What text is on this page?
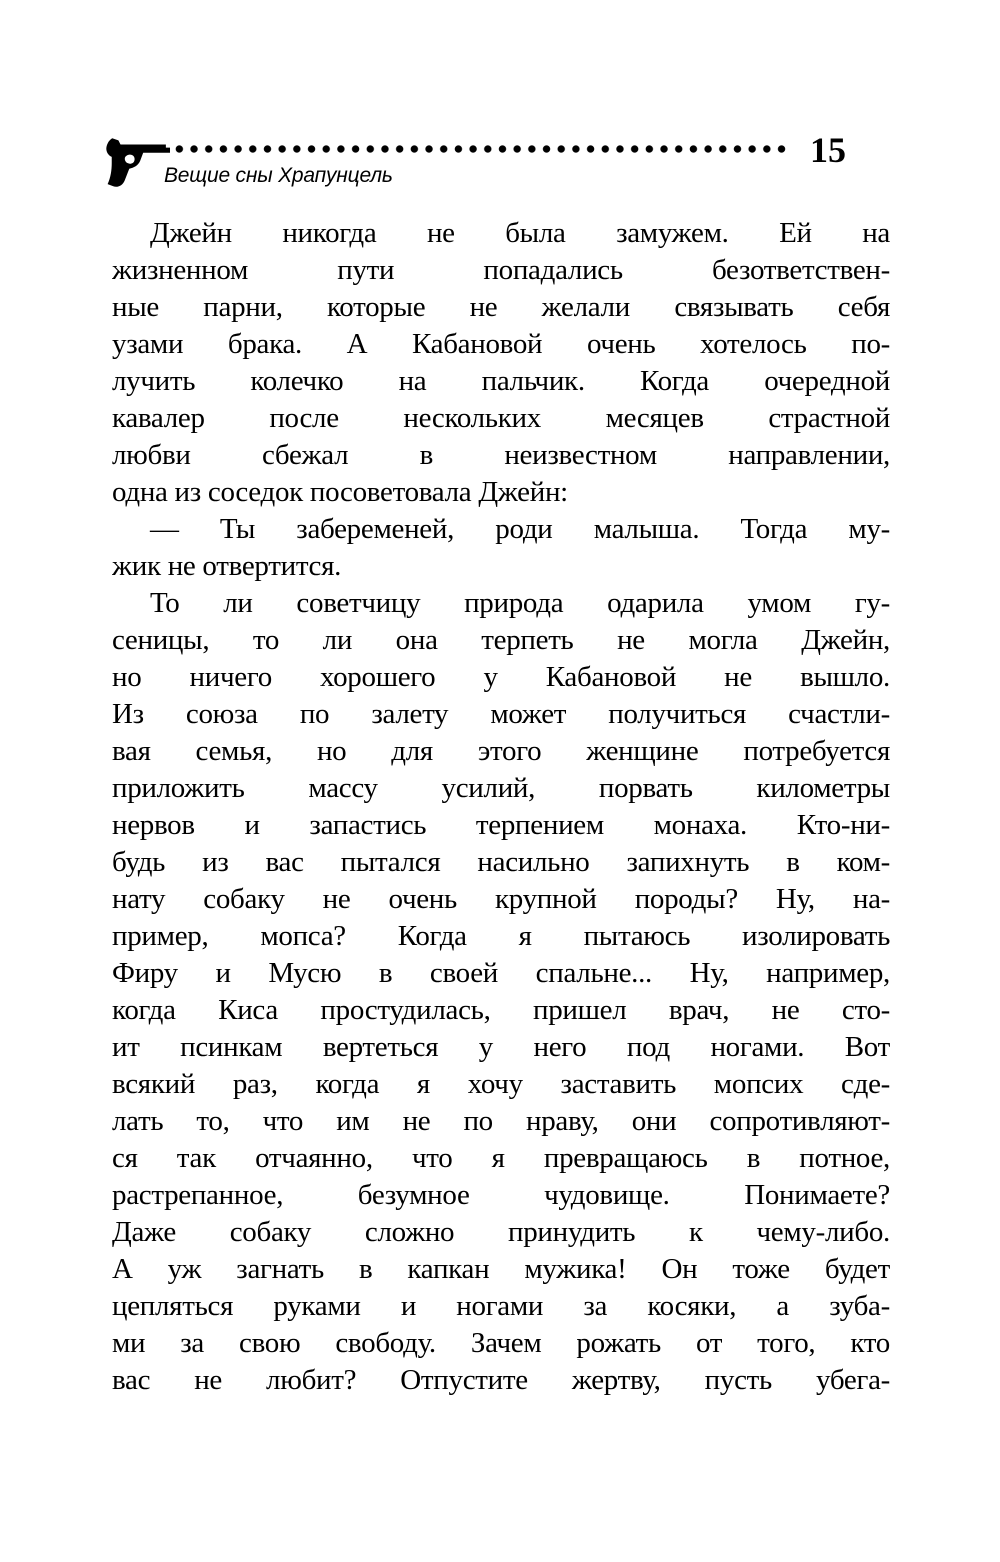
15
Вещие сны Храпунцель
Джейн никогда не была замужем. Ей на
жизненном пути попадались безответствен-
ные парни, которые не желали связывать себя
узами брака. А Кабановой очень хотелось по-
лучить колечко на пальчик. Когда очередной
кавалер после нескольких месяцев страстной
любви сбежал в неизвестном направлении,
одна из соседок посоветовала Джейн:
— Ты забеременей, роди малыша. Тогда му-
жик не отвертится.
То ли советчицу природа одарила умом гу-
сеницы, то ли она терпеть не могла Джейн,
но ничего хорошего у Кабановой не вышло.
Из союза по залету может получиться счастли-
вая семья, но для этого женщине потребуется
приложить массу усилий, порвать километры
нервов и запастись терпением монаха. Кто-ни-
будь из вас пытался насильно запихнуть в ком-
нату собаку не очень крупной породы? Ну, на-
пример, мопса? Когда я пытаюсь изолировать
Фиру и Мусю в своей спальне... Ну, например,
когда Киса простудилась, пришел врач, не сто-
ит псинкам вертеться у него под ногами. Вот
всякий раз, когда я хочу заставить мопсих сде-
лать то, что им не по нраву, они сопротивляют-
ся так отчаянно, что я превращаюсь в потное,
растрепанное, безумное чудовище. Понимаете?
Даже собаку сложно принудить к чему-либо.
А уж загнать в капкан мужика! Он тоже будет
цепляться руками и ногами за косяки, а зуба-
ми за свою свободу. Зачем рожать от того, кто
вас не любит? Отпустите жертву, пусть убега-
